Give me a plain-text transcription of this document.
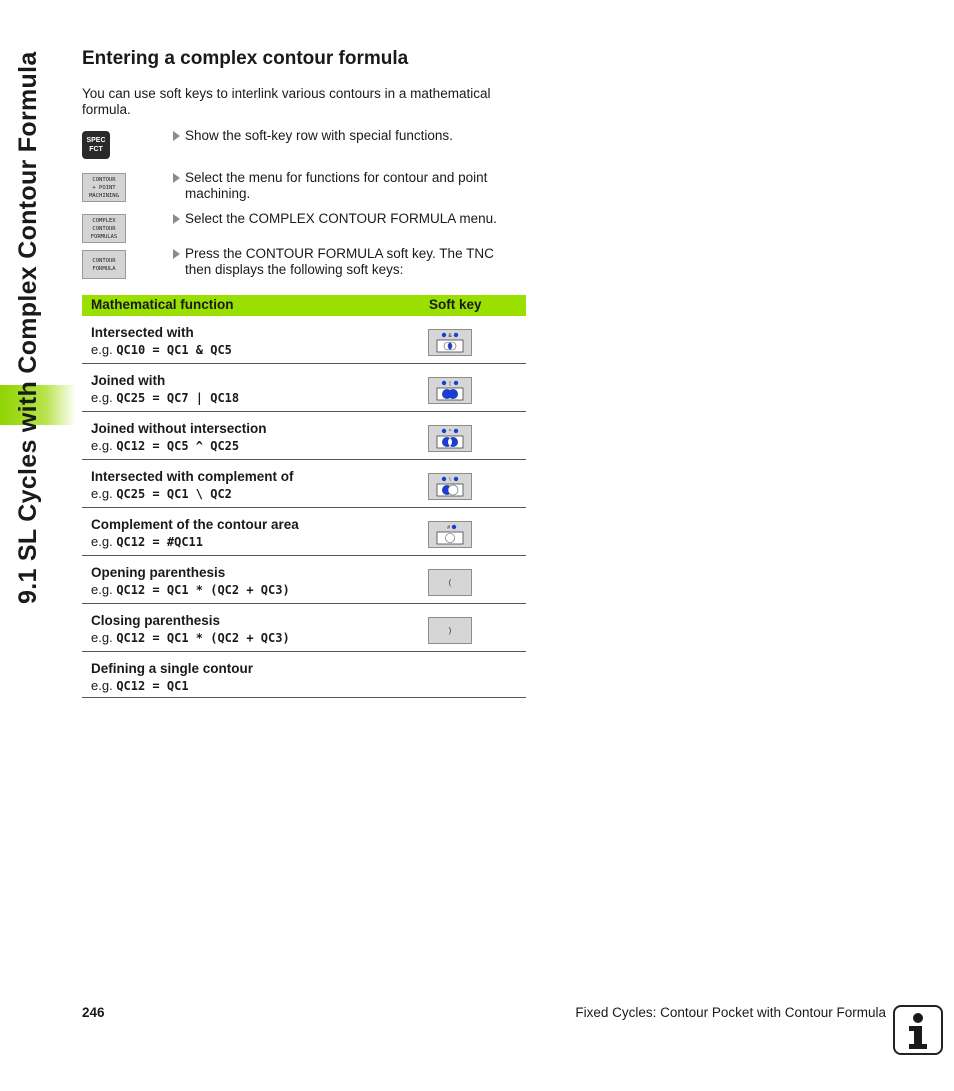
9.1 SL Cycles with Complex Contour Formula Entering a complex contour formula

You can use soft keys to interlink various contours in a mathematical formula.

SPEC
FCT
Show the soft-key row with special functions.
CONTOUR
+ POINT
MACHINING
Select the menu for functions for contour and point machining.
COMPLEX
CONTOUR
FORMULAS
Select the COMPLEX CONTOUR FORMULA menu.
CONTOUR
FORMULA
Press the CONTOUR FORMULA soft key. The TNC then displays the following soft keys:
Mathematical function	Soft key
Intersected with
e.g. QC10 = QC1 & QC5
&
Joined with
e.g. QC25 = QC7 | QC18
|
Joined without intersection
e.g. QC12 = QC5 ^ QC25
^
Intersected with complement of
e.g. QC25 = QC1 \ QC2
\
Complement of the contour area
e.g. QC12 = #QC11
#
Opening parenthesis
e.g. QC12 = QC1 * (QC2 + QC3)
(
Closing parenthesis
e.g. QC12 = QC1 * (QC2 + QC3)
)
Defining a single contour
e.g. QC12 = QC1
246	Fixed Cycles: Contour Pocket with Contour Formula
